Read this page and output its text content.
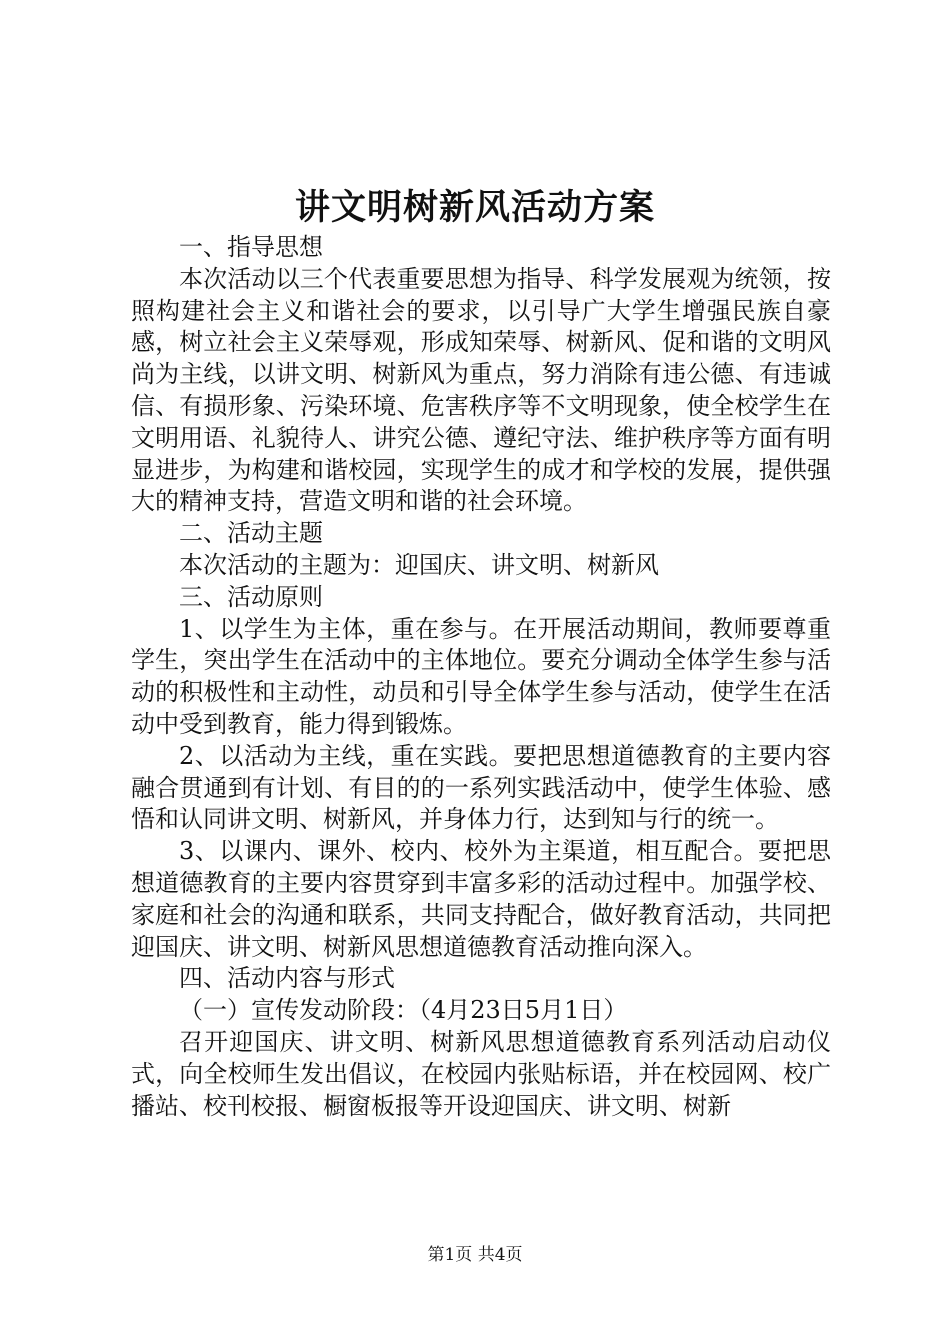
讲文明树新风活动方案

一、指导思想

本次活动以三个代表重要思想为指导、科学发展观为统领，按照构建社会主义和谐社会的要求，以引导广大学生增强民族自豪感，树立社会主义荣辱观，形成知荣辱、树新风、促和谐的文明风尚为主线，以讲文明、树新风为重点，努力消除有违公德、有违诚信、有损形象、污染环境、危害秩序等不文明现象，使全校学生在文明用语、礼貌待人、讲究公德、遵纪守法、维护秩序等方面有明显进步，为构建和谐校园，实现学生的成才和学校的发展，提供强大的精神支持，营造文明和谐的社会环境。

二、活动主题

本次活动的主题为：迎国庆、讲文明、树新风

三、活动原则

1、以学生为主体，重在参与。在开展活动期间，教师要尊重学生，突出学生在活动中的主体地位。要充分调动全体学生参与活动的积极性和主动性，动员和引导全体学生参与活动，使学生在活动中受到教育，能力得到锻炼。

2、以活动为主线，重在实践。要把思想道德教育的主要内容融合贯通到有计划、有目的的一系列实践活动中，使学生体验、感悟和认同讲文明、树新风，并身体力行，达到知与行的统一。

3、以课内、课外、校内、校外为主渠道，相互配合。要把思想道德教育的主要内容贯穿到丰富多彩的活动过程中。加强学校、家庭和社会的沟通和联系，共同支持配合，做好教育活动，共同把迎国庆、讲文明、树新风思想道德教育活动推向深入。

四、活动内容与形式

（一）宣传发动阶段：（4月23日5月1日）

召开迎国庆、讲文明、树新风思想道德教育系列活动启动仪式，向全校师生发出倡议，在校园内张贴标语，并在校园网、校广播站、校刊校报、橱窗板报等开设迎国庆、讲文明、树新

第1页 共4页
